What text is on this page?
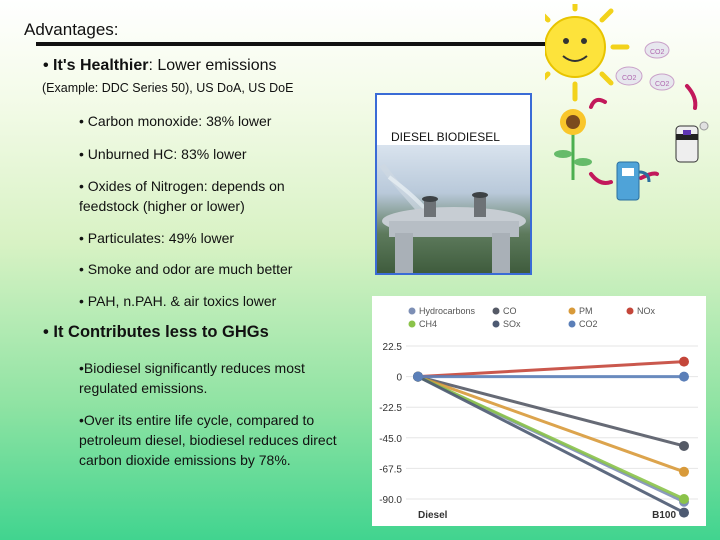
Advantages:
• It's Healthier: Lower emissions
(Example: DDC Series 50), US DoA, US DoE
• Carbon monoxide: 38% lower
• Unburned HC: 83% lower
• Oxides of Nitrogen: depends on feedstock (higher or lower)
• Particulates: 49% lower
• Smoke and odor are much better
• PAH, n.PAH. & air toxics lower
• It Contributes less to GHGs
•Biodiesel significantly reduces most regulated emissions.
•Over its entire life cycle, compared to petroleum diesel, biodiesel reduces direct carbon dioxide emissions by 78%.
DIESEL BIODIESEL
CO2
CO2
CO2
22.5
0
-22.5
-45.0
-67.5
-90.0
Diesel	B100
Hydrocarbons	CO	PM	NOx
CH4	SOx	CO2
